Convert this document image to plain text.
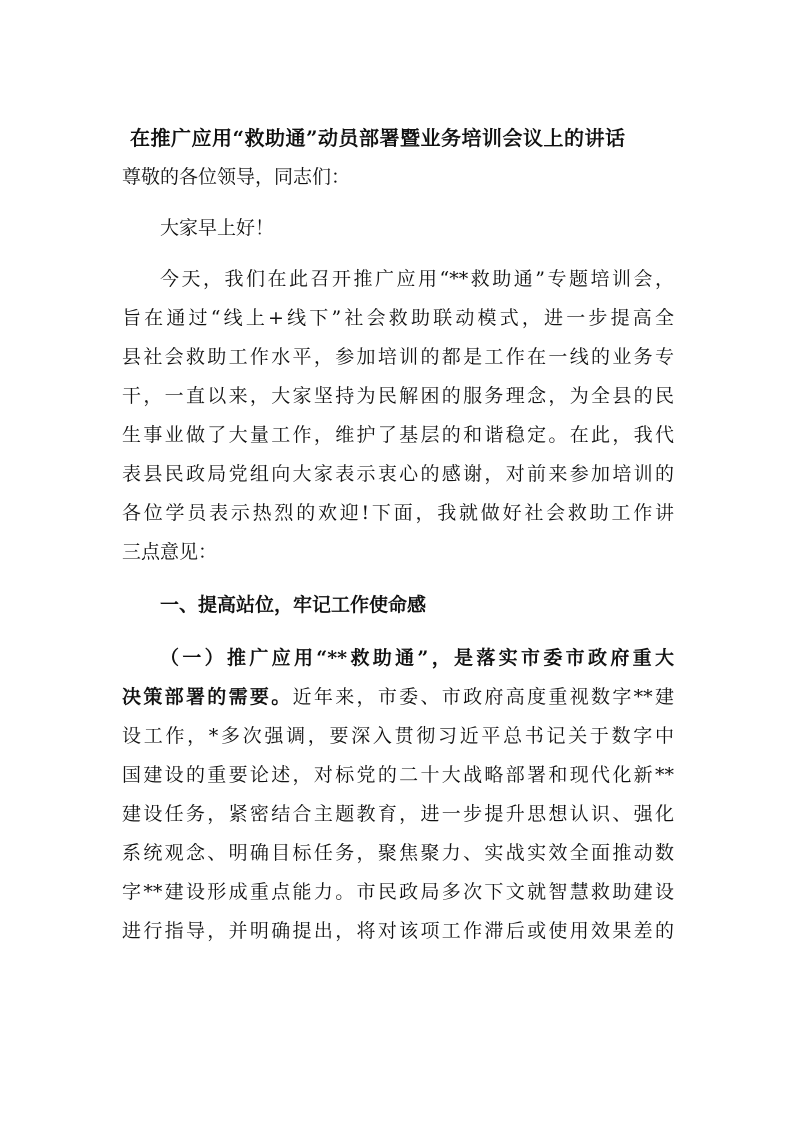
在推广应用“救助通”动员部署暨业务培训会议上的讲话

尊敬的各位领导，同志们：

大家早上好！

今天，我们在此召开推广应用“**救助通”专题培训会，

旨在通过“线上+线下”社会救助联动模式，进一步提高全

县社会救助工作水平，参加培训的都是工作在一线的业务专

干，一直以来，大家坚持为民解困的服务理念，为全县的民

生事业做了大量工作，维护了基层的和谐稳定。在此，我代

表县民政局党组向大家表示衷心的感谢，对前来参加培训的

各位学员表示热烈的欢迎!下面，我就做好社会救助工作讲

三点意见：

一、提高站位，牢记工作使命感

（一）推广应用“**救助通”，是落实市委市政府重大

决策部署的需要。近年来，市委、市政府高度重视数字**建

设工作，*多次强调，要深入贯彻习近平总书记关于数字中

国建设的重要论述，对标党的二十大战略部署和现代化新**

建设任务，紧密结合主题教育，进一步提升思想认识、强化

系统观念、明确目标任务，聚焦聚力、实战实效全面推动数

字**建设形成重点能力。市民政局多次下文就智慧救助建设

进行指导，并明确提出，将对该项工作滞后或使用效果差的
